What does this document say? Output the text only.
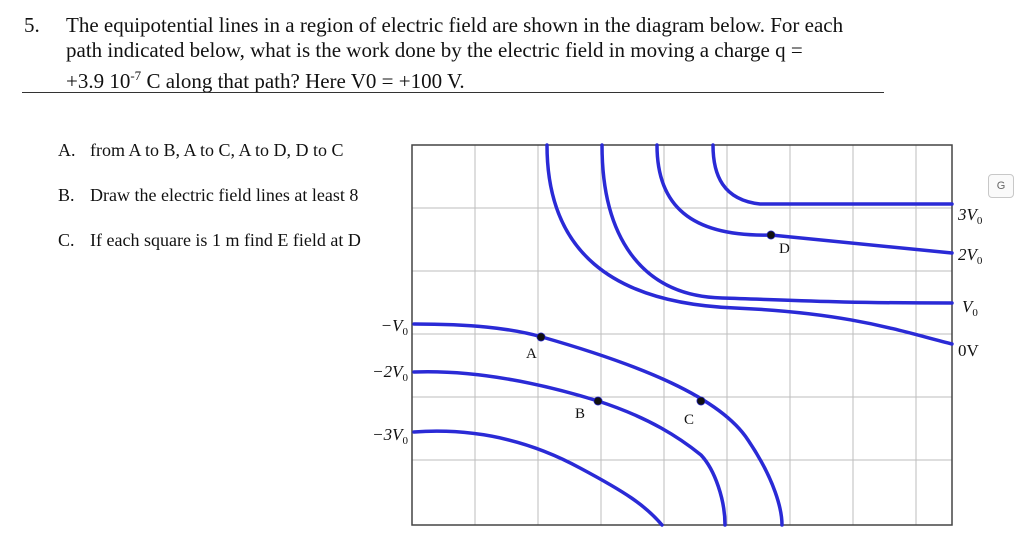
5. The equipotential lines in a region of electric field are shown in the diagram below. For each

path indicated below, what is the work done by the electric field in moving a charge q =

+3.9 $10^{-7}$ C along that path? Here V0 = +100 V.

A. from A to B, A to C, A to D, D to C
B. Draw the electric field lines at least 8
C. If each square is 1 m find E field at D
G
A
B	C
D
$3V_0$
$2V_0$
$V_0$
0V
$-V_0$
$-2V_0$
$-3V_0$
